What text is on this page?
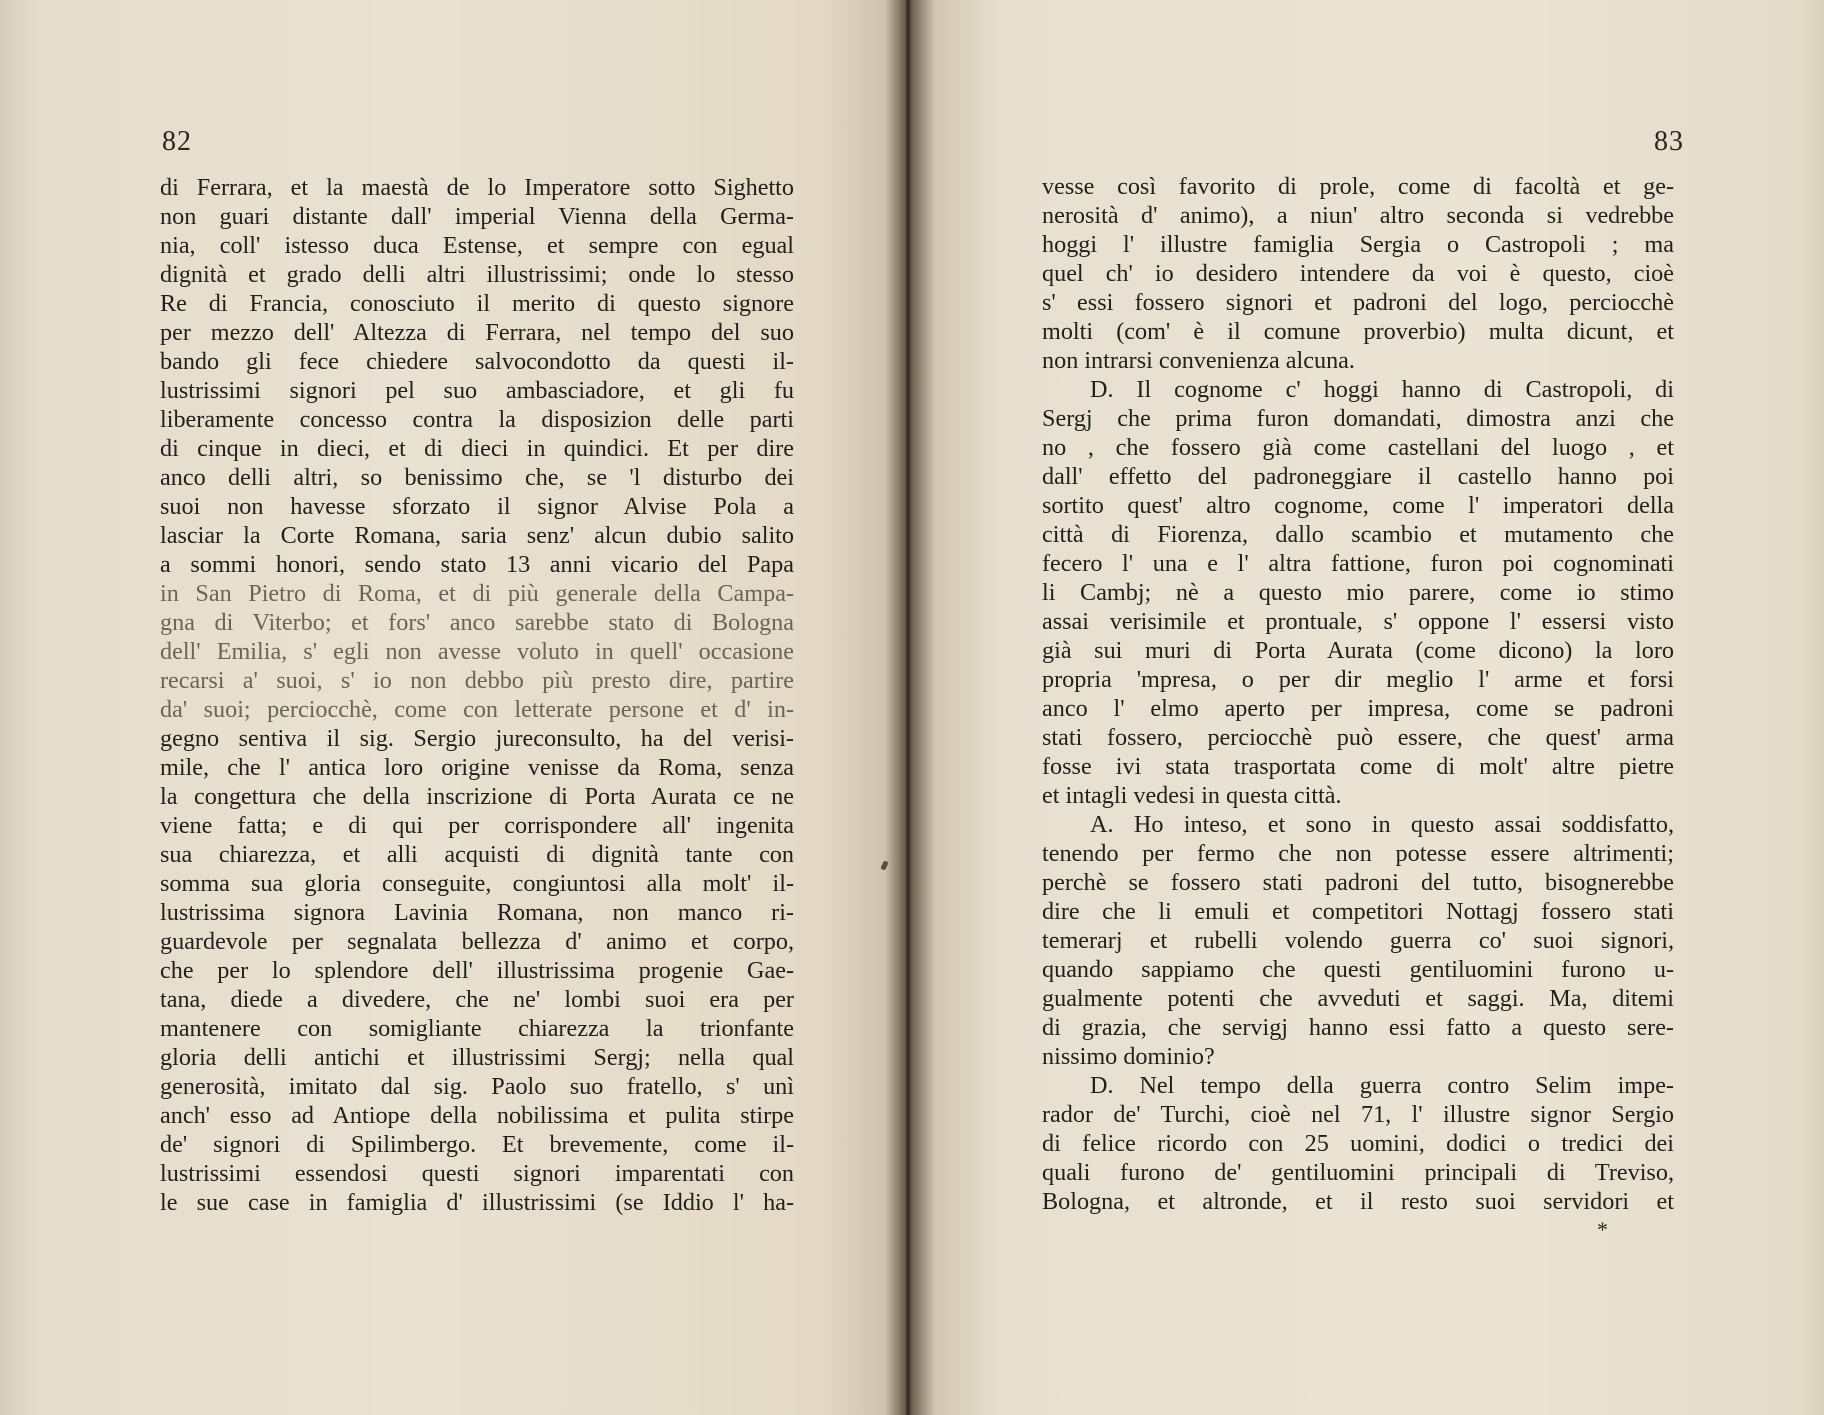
82
di Ferrara, et la maestà de lo Imperatore sotto Sighetto
non guari distante dall' imperial Vienna della Germa-
nia, coll' istesso duca Estense, et sempre con egual
dignità et grado delli altri illustrissimi; onde lo stesso
Re di Francia, conosciuto il merito di questo signore
per mezzo dell' Altezza di Ferrara, nel tempo del suo
bando gli fece chiedere salvocondotto da questi il-
lustrissimi signori pel suo ambasciadore, et gli fu
liberamente concesso contra la disposizion delle parti
di cinque in dieci, et di dieci in quindici. Et per dire
anco delli altri, so benissimo che, se 'l disturbo dei
suoi non havesse sforzato il signor Alvise Pola a
lasciar la Corte Romana, saria senz' alcun dubio salito
a sommi honori, sendo stato 13 anni vicario del Papa
in San Pietro di Roma, et di più generale della Campa-
gna di Viterbo; et fors' anco sarebbe stato di Bologna
dell' Emilia, s' egli non avesse voluto in quell' occasione
recarsi a' suoi, s' io non debbo più presto dire, partire
da' suoi; perciocchè, come con letterate persone et d' in-
gegno sentiva il sig. Sergio jureconsulto, ha del verisi-
mile, che l' antica loro origine venisse da Roma, senza
la congettura che della inscrizione di Porta Aurata ce ne
viene fatta; e di qui per corrispondere all' ingenita
sua chiarezza, et alli acquisti di dignità tante con
somma sua gloria conseguite, congiuntosi alla molt' il-
lustrissima signora Lavinia Romana, non manco ri-
guardevole per segnalata bellezza d' animo et corpo,
che per lo splendore dell' illustrissima progenie Gae-
tana, diede a divedere, che ne' lombi suoi era per
mantenere con somigliante chiarezza la trionfante
gloria delli antichi et illustrissimi Sergj; nella qual
generosità, imitato dal sig. Paolo suo fratello, s' unì
anch' esso ad Antiope della nobilissima et pulita stirpe
de' signori di Spilimbergo. Et brevemente, come il-
lustrissimi essendosi questi signori imparentati con
le sue case in famiglia d' illustrissimi (se Iddio l' ha-
83
vesse così favorito di prole, come di facoltà et ge-
nerosità d' animo), a niun' altro seconda si vedrebbe
hoggi l' illustre famiglia Sergia o Castropoli ; ma
quel ch' io desidero intendere da voi è questo, cioè
s' essi fossero signori et padroni del logo, perciocchè
molti (com' è il comune proverbio) multa dicunt, et
non intrarsi convenienza alcuna.
D. Il cognome c' hoggi hanno di Castropoli, di
Sergj che prima furon domandati, dimostra anzi che
no , che fossero già come castellani del luogo , et
dall' effetto del padroneggiare il castello hanno poi
sortito quest' altro cognome, come l' imperatori della
città di Fiorenza, dallo scambio et mutamento che
fecero l' una e l' altra fattione, furon poi cognominati
li Cambj; nè a questo mio parere, come io stimo
assai verisimile et prontuale, s' oppone l' essersi visto
già sui muri di Porta Aurata (come dicono) la loro
propria 'mpresa, o per dir meglio l' arme et forsi
anco l' elmo aperto per impresa, come se padroni
stati fossero, perciocchè può essere, che quest' arma
fosse ivi stata trasportata come di molt' altre pietre
et intagli vedesi in questa città.
A. Ho inteso, et sono in questo assai soddisfatto,
tenendo per fermo che non potesse essere altrimenti;
perchè se fossero stati padroni del tutto, bisognerebbe
dire che li emuli et competitori Nottagj fossero stati
temerarj et rubelli volendo guerra co' suoi signori,
quando sappiamo che questi gentiluomini furono u-
gualmente potenti che avveduti et saggi. Ma, ditemi
di grazia, che servigj hanno essi fatto a questo sere-
nissimo dominio?
D. Nel tempo della guerra contro Selim impe-
rador de' Turchi, cioè nel 71, l' illustre signor Sergio
di felice ricordo con 25 uomini, dodici o tredici dei
quali furono de' gentiluomini principali di Treviso,
Bologna, et altronde, et il resto suoi servidori et
*
